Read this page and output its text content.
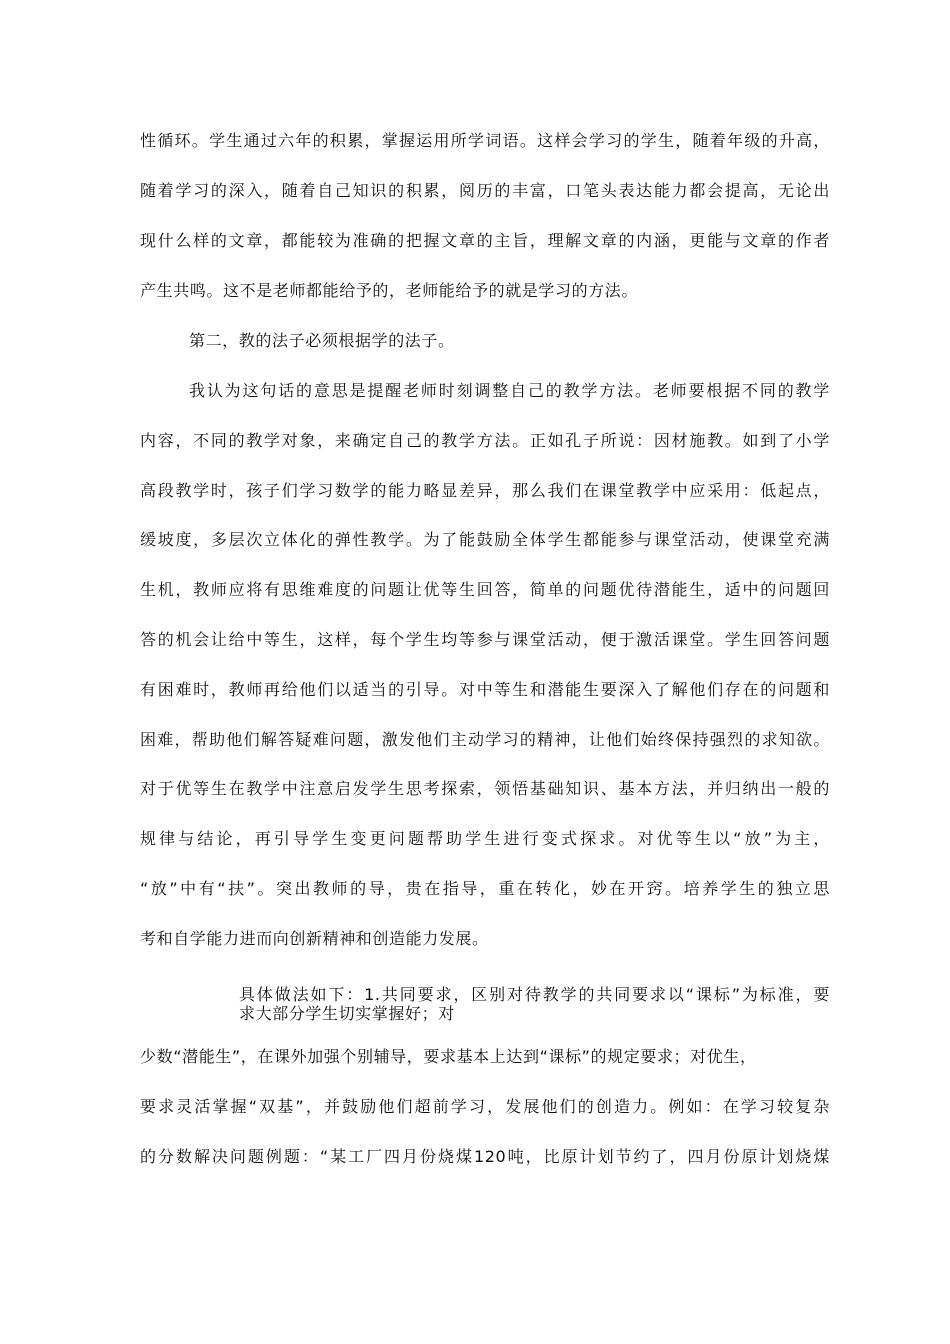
性循环。学生通过六年的积累，掌握运用所学词语。这样会学习的学生，随着年级的升高，
随着学习的深入，随着自己知识的积累，阅历的丰富，口笔头表达能力都会提高，无论出
现什么样的文章，都能较为准确的把握文章的主旨，理解文章的内涵，更能与文章的作者
产生共鸣。这不是老师都能给予的，老师能给予的就是学习的方法。
第二，教的法子必须根据学的法子。
我认为这句话的意思是提醒老师时刻调整自己的教学方法。老师要根据不同的教学
内容，不同的教学对象，来确定自己的教学方法。正如孔子所说：因材施教。如到了小学
高段教学时，孩子们学习数学的能力略显差异，那么我们在课堂教学中应采用：低起点，
缓坡度，多层次立体化的弹性教学。为了能鼓励全体学生都能参与课堂活动，使课堂充满
生机，教师应将有思维难度的问题让优等生回答，简单的问题优待潜能生，适中的问题回
答的机会让给中等生，这样，每个学生均等参与课堂活动，便于激活课堂。学生回答问题
有困难时，教师再给他们以适当的引导。对中等生和潜能生要深入了解他们存在的问题和
困难，帮助他们解答疑难问题，激发他们主动学习的精神，让他们始终保持强烈的求知欲。
对于优等生在教学中注意启发学生思考探索，领悟基础知识、基本方法，并归纳出一般的
规律与结论，再引导学生变更问题帮助学生进行变式探求。对优等生以“放”为主，
“放”中有“扶”。突出教师的导，贵在指导，重在转化，妙在开窍。培养学生的独立思
考和自学能力进而向创新精神和创造能力发展。
具体做法如下：1.共同要求，区别对待教学的共同要求以“课标”为标准，要
求大部分学生切实掌握好；对
少数“潜能生”，在课外加强个别辅导，要求基本上达到“课标”的规定要求；对优生，
要求灵活掌握“双基”，并鼓励他们超前学习，发展他们的创造力。例如：在学习较复杂
的分数解决问题例题：“某工厂四月份烧煤120吨，比原计划节约了，四月份原计划烧煤
